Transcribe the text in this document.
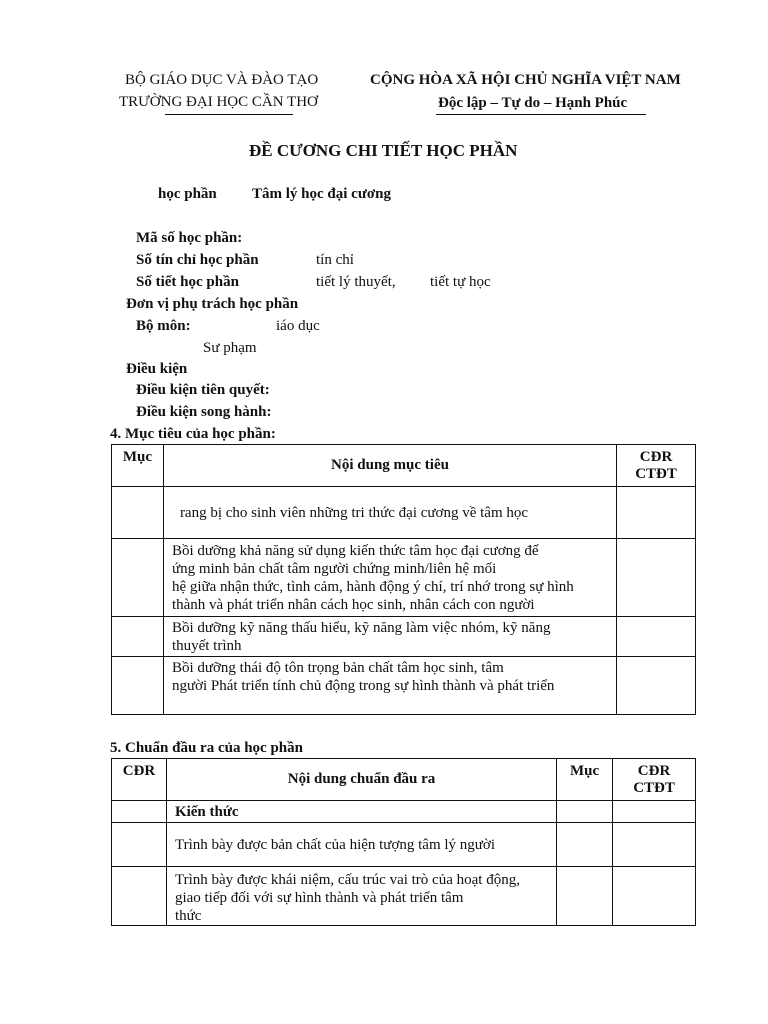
BỘ GIÁO DỤC VÀ ĐÀO TẠO
TRƯỜNG ĐẠI HỌC CẦN THƠ
CỘNG HÒA XÃ HỘI CHỦ NGHĨA VIỆT NAM
Độc lập – Tự do – Hạnh Phúc
ĐỀ CƯƠNG CHI TIẾT HỌC PHẦN
học phần Tâm lý học đại cương
Mã số học phần:
Số tín chỉ học phần	tín chỉ
Số tiết học phần	tiết lý thuyết, tiết tự học
Đơn vị phụ trách học phần
Bộ môn:	iáo dục
Sư phạm
Điều kiện
Điều kiện tiên quyết:
Điều kiện song hành:
4. Mục tiêu của học phần:
Mục	Nội dung mục tiêu	CĐR
CTĐT
	rang bị cho sinh viên những tri thức đại cương về tâm học	
	Bồi dưỡng khả năng sử dụng kiến thức tâm học đại cương để
ứng minh bản chất tâm người chứng minh/liên hệ mối
hệ giữa nhận thức, tình cảm, hành động ý chí, trí nhớ trong sự hình
thành và phát triển nhân cách học sinh, nhân cách con người	
	Bồi dưỡng kỹ năng thấu hiểu, kỹ năng làm việc nhóm, kỹ năng
thuyết trình	
	Bồi dưỡng thái độ tôn trọng bản chất tâm học sinh, tâm
người Phát triển tính chủ động trong sự hình thành và phát triển	
5. Chuẩn đầu ra của học phần
CĐR	Nội dung chuẩn đầu ra	Mục	CĐR
CTĐT
	Kiến thức		
	Trình bày được bản chất của hiện tượng tâm lý người		
	Trình bày được khái niệm, cấu trúc vai trò của hoạt động,
giao tiếp đối với sự hình thành và phát triển tâm
thức		
